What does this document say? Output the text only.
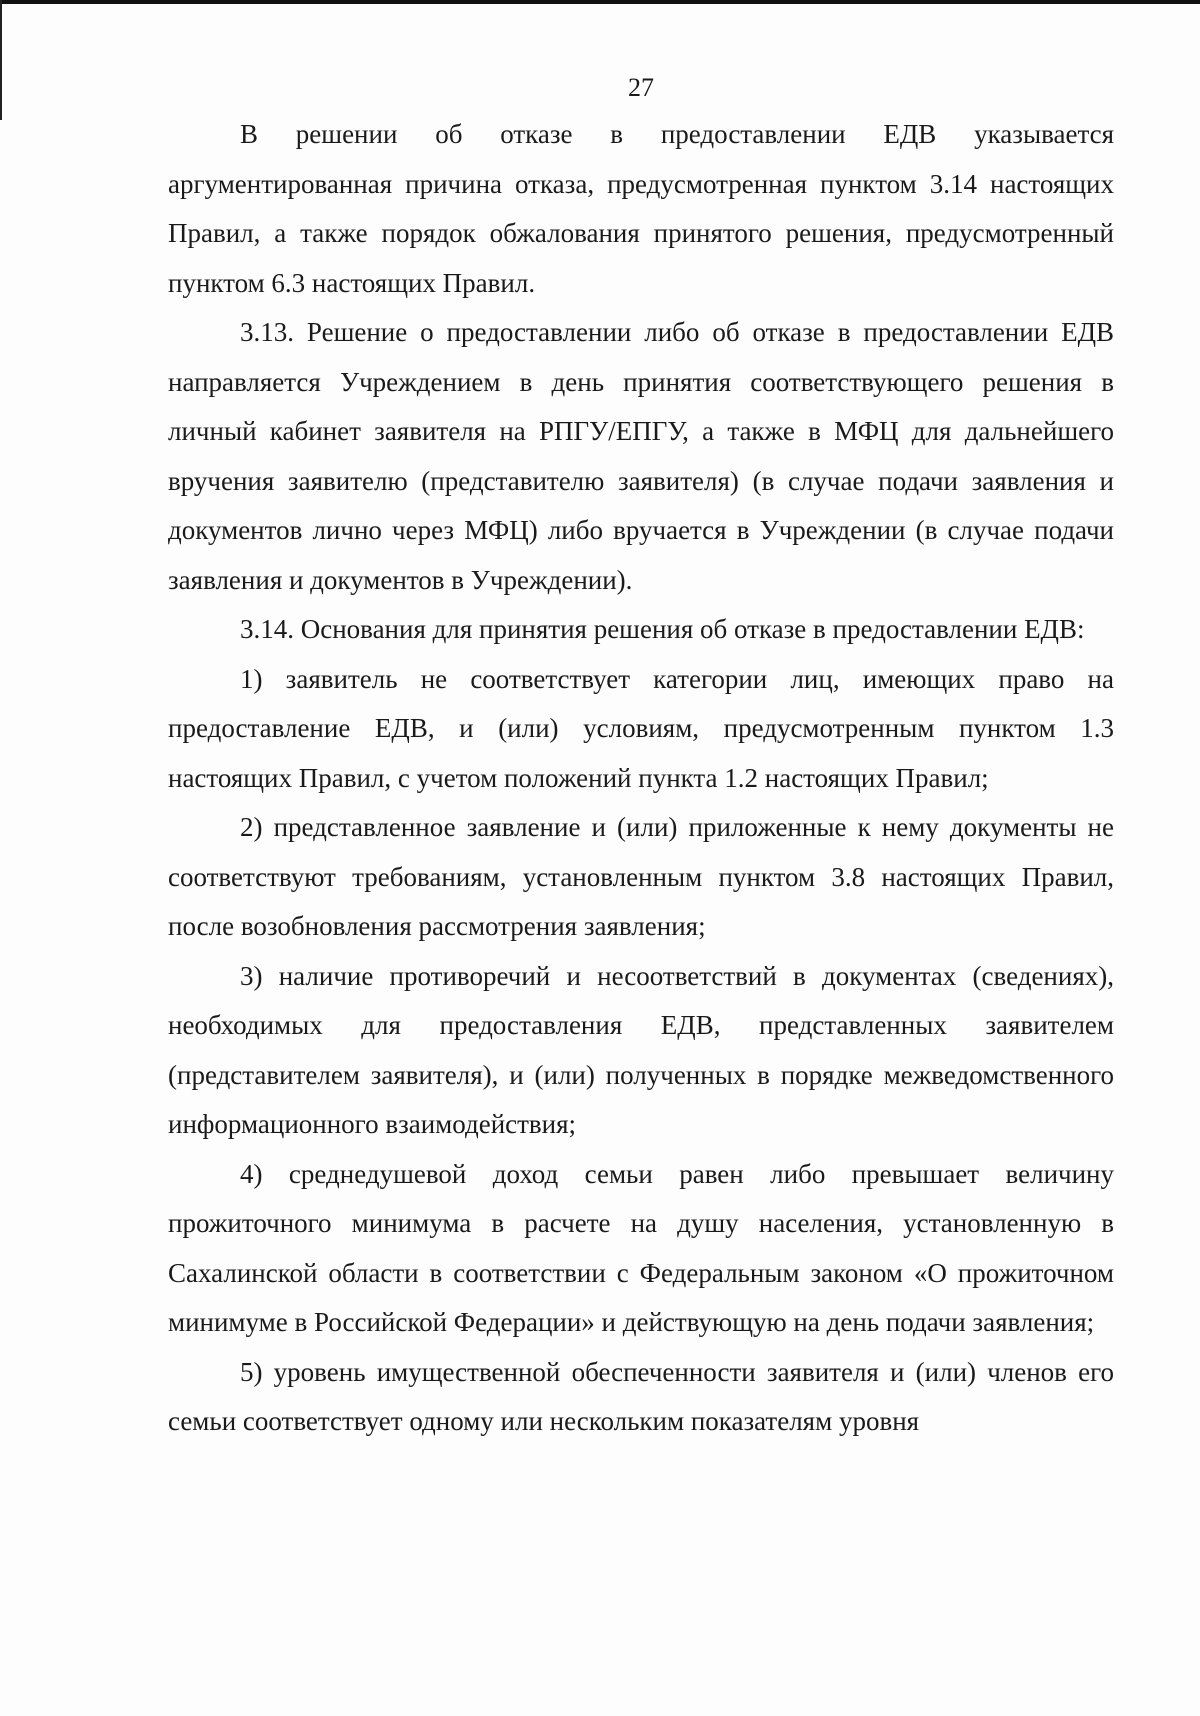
27

В решении об отказе в предоставлении ЕДВ указывается аргументированная причина отказа, предусмотренная пунктом 3.14 настоящих Правил, а также порядок обжалования принятого решения, предусмотренный пунктом 6.3 настоящих Правил.

3.13. Решение о предоставлении либо об отказе в предоставлении ЕДВ направляется Учреждением в день принятия соответствующего решения в личный кабинет заявителя на РПГУ/ЕПГУ, а также в МФЦ для дальнейшего вручения заявителю (представителю заявителя) (в случае подачи заявления и документов лично через МФЦ) либо вручается в Учреждении (в случае подачи заявления и документов в Учреждении).

3.14. Основания для принятия решения об отказе в предоставлении ЕДВ:

1) заявитель не соответствует категории лиц, имеющих право на предоставление ЕДВ, и (или) условиям, предусмотренным пунктом 1.3 настоящих Правил, с учетом положений пункта 1.2 настоящих Правил;

2) представленное заявление и (или) приложенные к нему документы не соответствуют требованиям, установленным пунктом 3.8 настоящих Правил, после возобновления рассмотрения заявления;

3) наличие противоречий и несоответствий в документах (сведениях), необходимых для предоставления ЕДВ, представленных заявителем (представителем заявителя), и (или) полученных в порядке межведомственного информационного взаимодействия;

4) среднедушевой доход семьи равен либо превышает величину прожиточного минимума в расчете на душу населения, установленную в Сахалинской области в соответствии с Федеральным законом «О прожиточном минимуме в Российской Федерации» и действующую на день подачи заявления;

5) уровень имущественной обеспеченности заявителя и (или) членов его семьи соответствует одному или нескольким показателям уровня
